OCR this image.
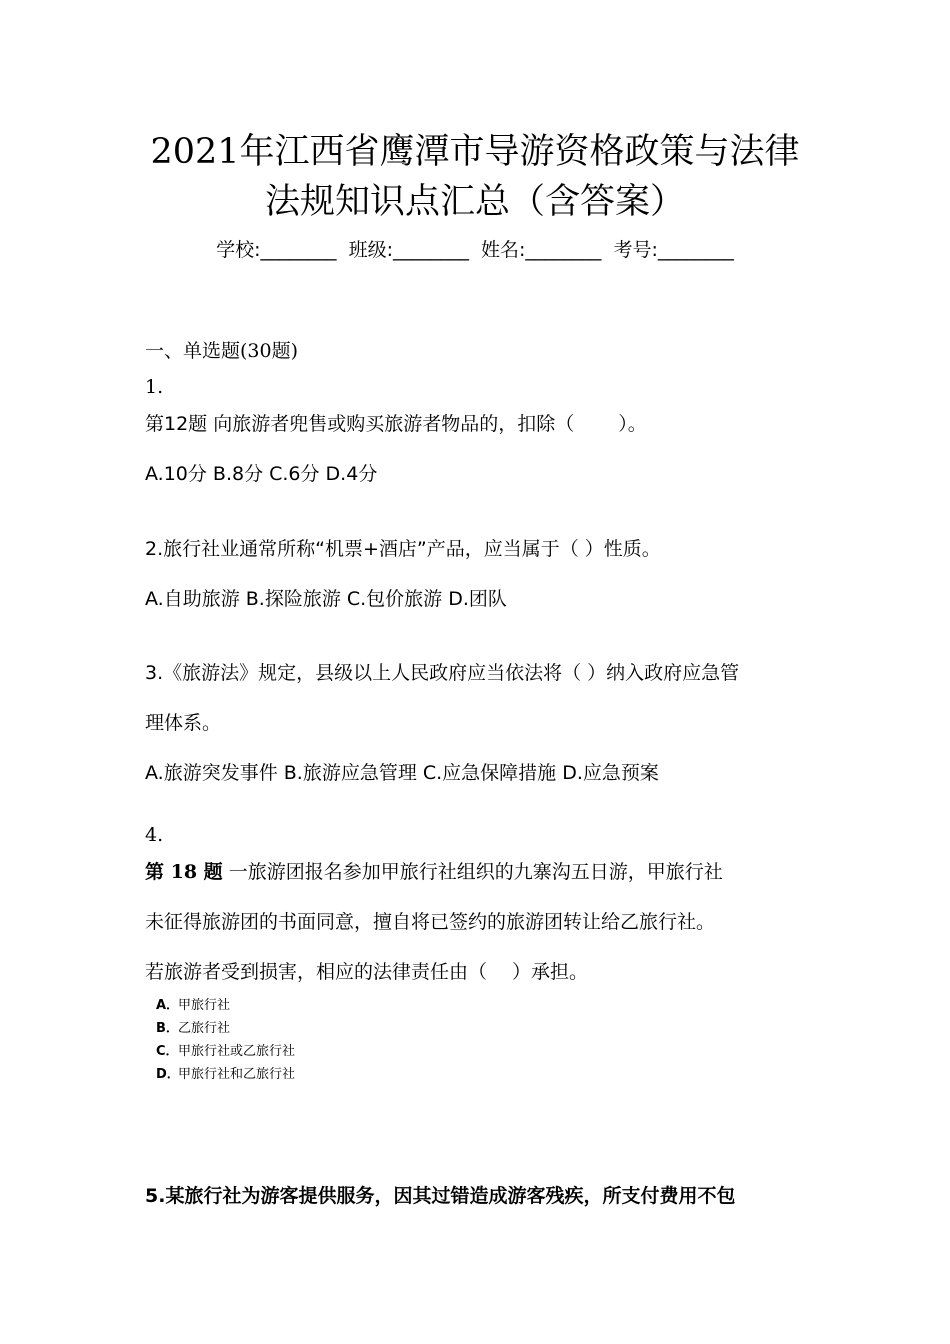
2021年江西省鹰潭市导游资格政策与法律
法规知识点汇总（含答案）
学校:________ 班级:________ 姓名:________ 考号:________
一、单选题(30题)
1.
第12题 向旅游者兜售或购买旅游者物品的，扣除（　　 ）。
A.10分 B.8分 C.6分 D.4分
2.旅行社业通常所称“机票+酒店”产品，应当属于（ ）性质。
A.自助旅游 B.探险旅游 C.包价旅游 D.团队
3.《旅游法》规定，县级以上人民政府应当依法将（ ）纳入政府应急管
理体系。
A.旅游突发事件 B.旅游应急管理 C.应急保障措施 D.应急预案
4.
第 18 题 一旅游团报名参加甲旅行社组织的九寨沟五日游，甲旅行社
未征得旅游团的书面同意，擅自将已签约的旅游团转让给乙旅行社。
若旅游者受到损害，相应的法律责任由（　 ）承担。
A．甲旅行社
B．乙旅行社
C．甲旅行社或乙旅行社
D．甲旅行社和乙旅行社
5.某旅行社为游客提供服务，因其过错造成游客残疾，所支付费用不包
